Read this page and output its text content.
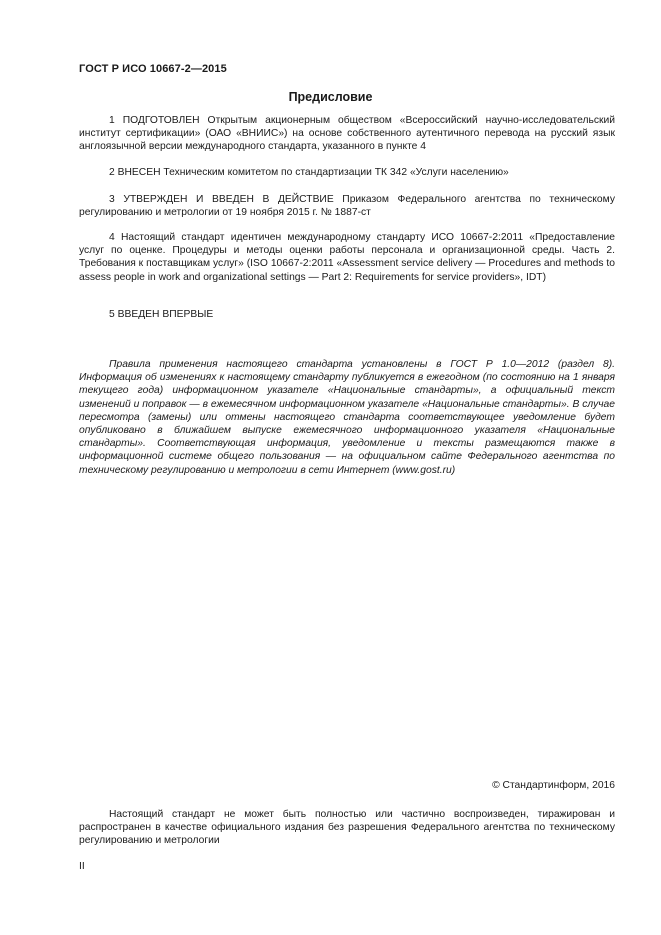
ГОСТ Р ИСО 10667-2—2015
Предисловие

1 ПОДГОТОВЛЕН Открытым акционерным обществом «Всероссийский научно-исследовательский институт сертификации» (ОАО «ВНИИС») на основе собственного аутентичного перевода на русский язык англоязычной версии международного стандарта, указанного в пункте 4

2 ВНЕСЕН Техническим комитетом по стандартизации ТК 342 «Услуги населению»

3 УТВЕРЖДЕН И ВВЕДЕН В ДЕЙСТВИЕ Приказом Федерального агентства по техническому регулированию и метрологии от 19 ноября 2015 г. № 1887-ст

4 Настоящий стандарт идентичен международному стандарту ИСО 10667-2:2011 «Предоставление услуг по оценке. Процедуры и методы оценки работы персонала и организационной среды. Часть 2. Требования к поставщикам услуг» (ISO 10667-2:2011 «Assessment service delivery — Procedures and methods to assess people in work and organizational settings — Part 2: Requirements for service providers», IDT)

5 ВВЕДЕН ВПЕРВЫЕ

Правила применения настоящего стандарта установлены в ГОСТ Р 1.0—2012 (раздел 8). Информация об изменениях к настоящему стандарту публикуется в ежегодном (по состоянию на 1 января текущего года) информационном указателе «Национальные стандарты», а официальный текст изменений и поправок — в ежемесячном информационном указателе «Национальные стандарты». В случае пересмотра (замены) или отмены настоящего стандарта соответствующее уведомление будет опубликовано в ближайшем выпуске ежемесячного информационного указателя «Национальные стандарты». Соответствующая информация, уведомление и тексты размещаются также в информационной системе общего пользования — на официальном сайте Федерального агентства по техническому регулированию и метрологии в сети Интернет (www.gost.ru)

© Стандартинформ, 2016

Настоящий стандарт не может быть полностью или частично воспроизведен, тиражирован и распространен в качестве официального издания без разрешения Федерального агентства по техническому регулированию и метрологии

II
